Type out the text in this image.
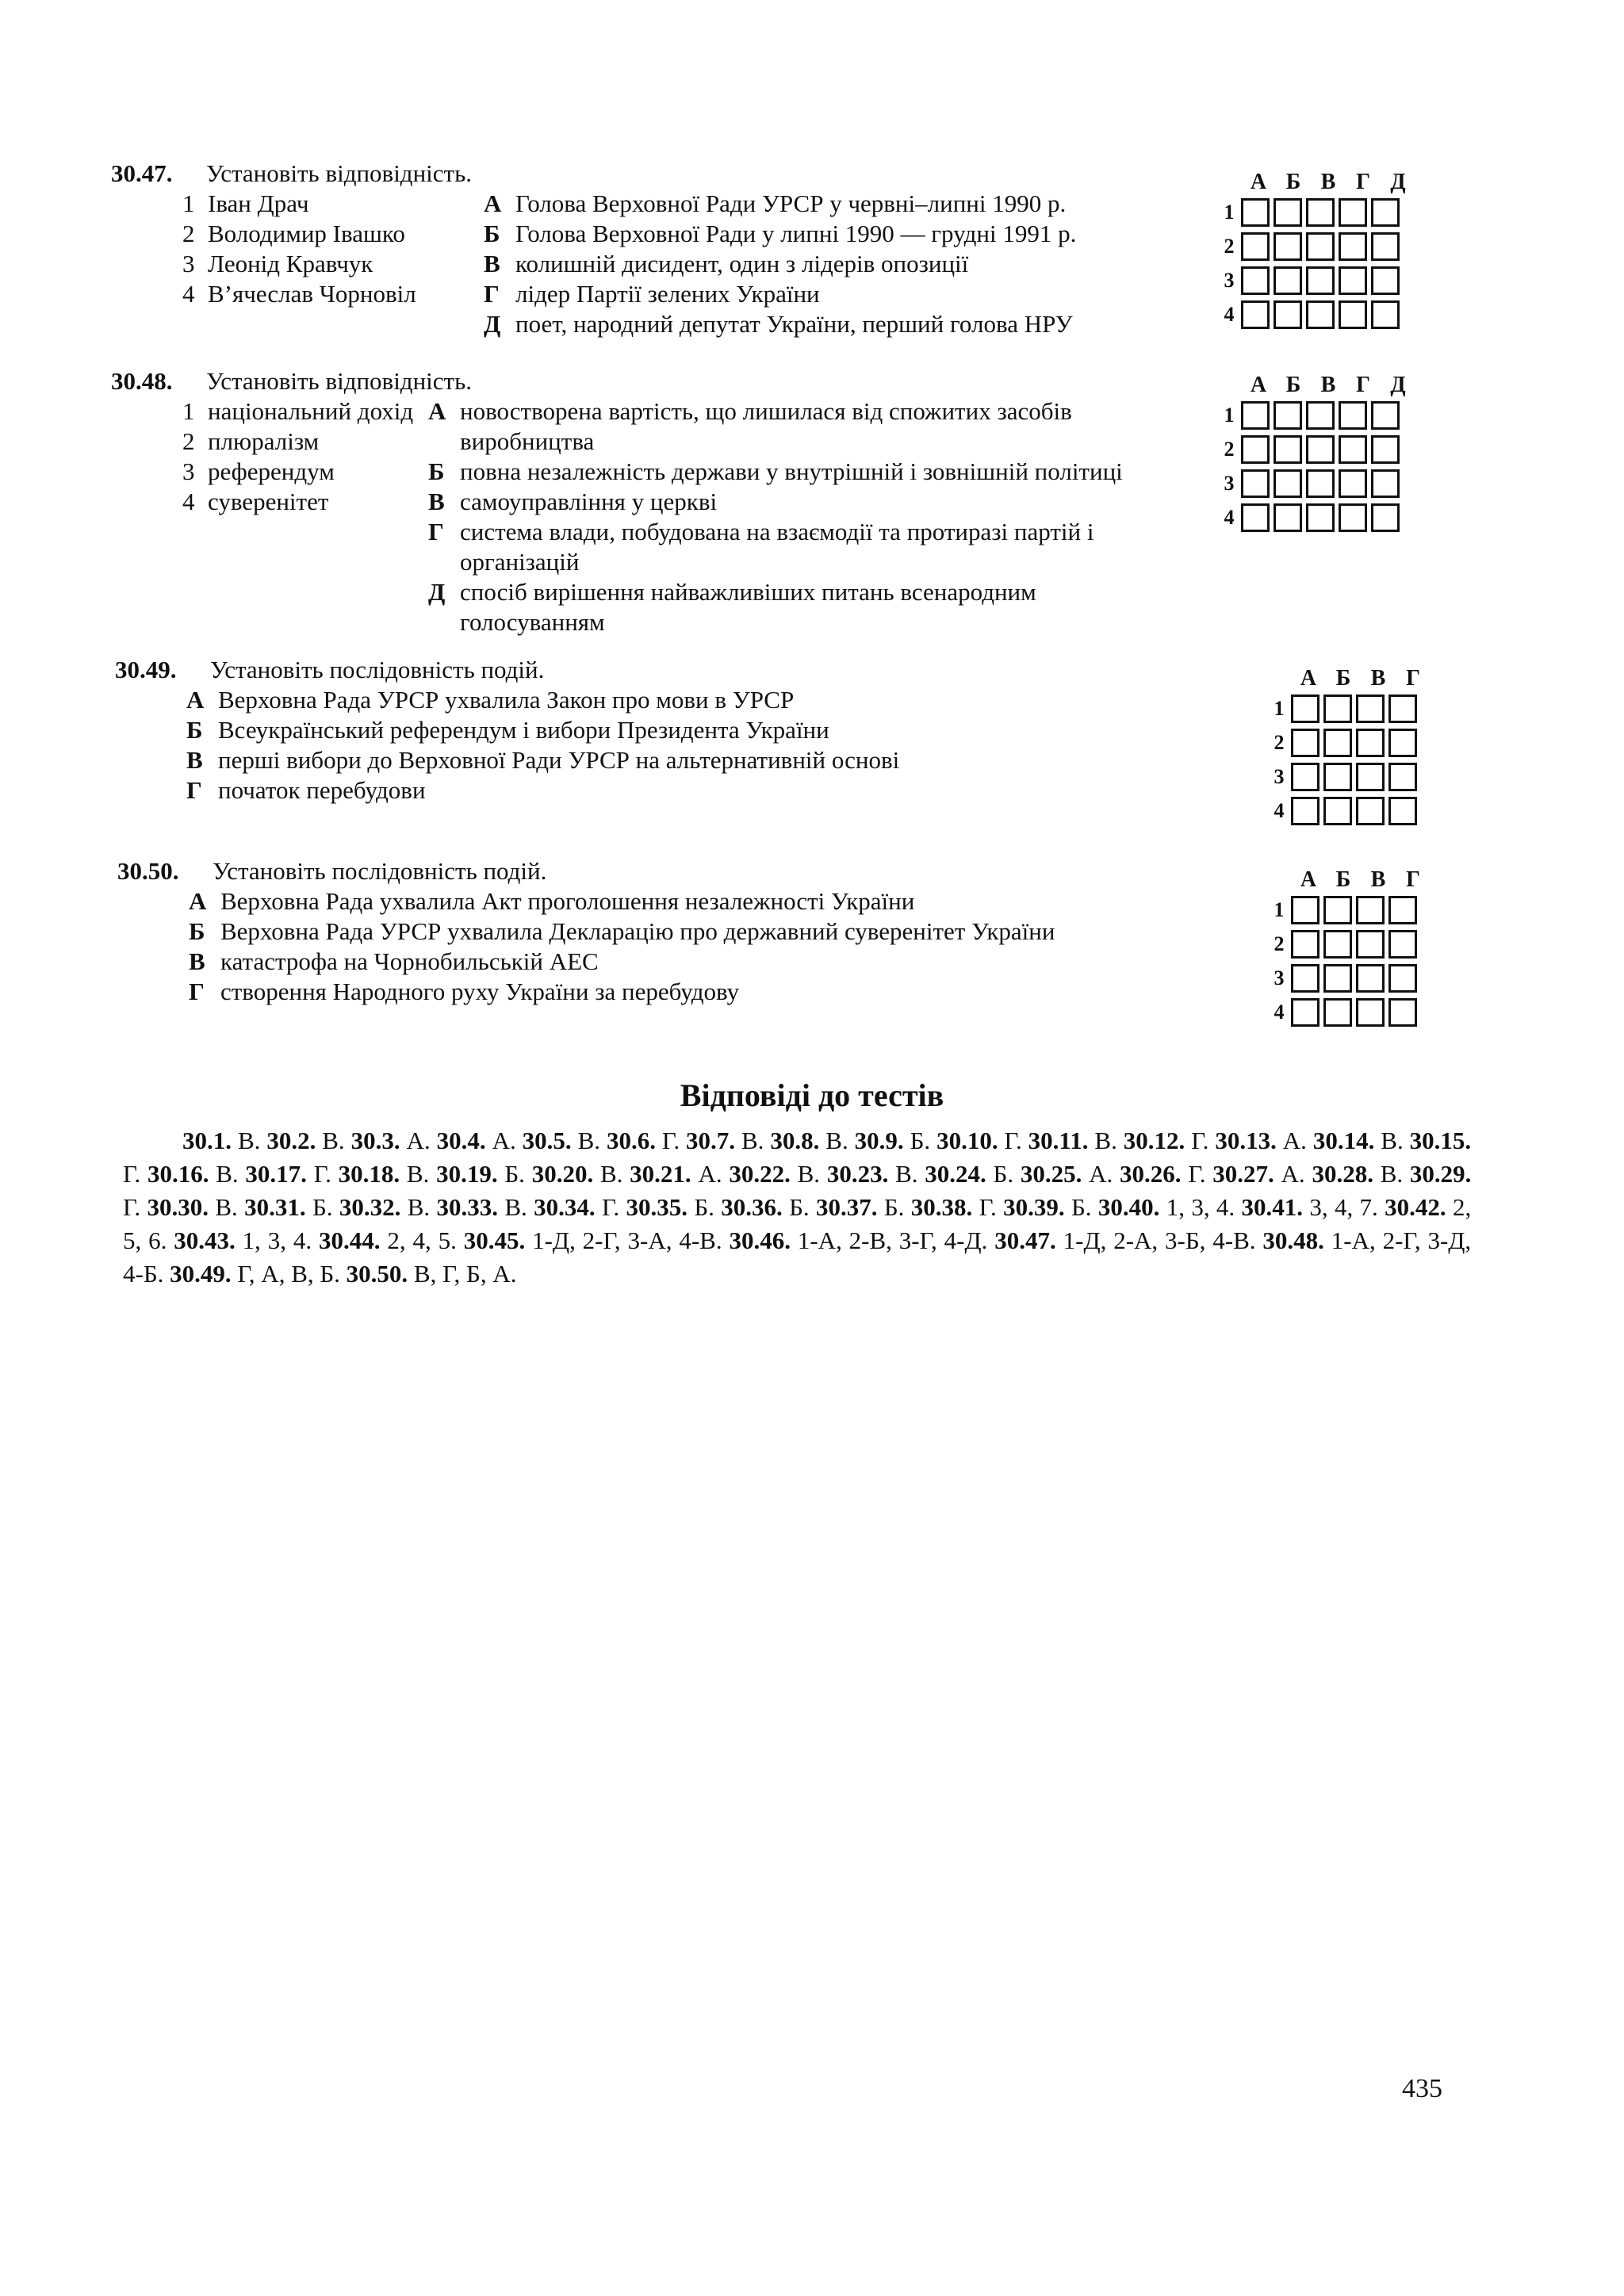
30.47. Установіть відповідність.
1 Іван Драч
2 Володимир Івашко
3 Леонід Кравчук
4 В’ячеслав Чорновіл
А Голова Верховної Ради УРСР у червні–липні 1990 р.
Б Голова Верховної Ради у липні 1990 — грудні 1991 р.
В колишній дисидент, один з лідерів опозиції
Г лідер Партії зелених України
Д поет, народний депутат України, перший голова НРУ
А Б В Г Д
1
2
3
4
30.48. Установіть відповідність.
1 національний дохід
2 плюралізм
3 референдум
4 суверенітет
А новостворена вартість, що лишилася від спожитих засобів виробництва
Б повна незалежність держави у внутрішній і зовнішній політиці
В самоуправління у церкві
Г система влади, побудована на взаємодії та протиразі партій і організацій
Д спосіб вирішення найважливіших питань всенародним голосуванням
А Б В Г Д
1
2
3
4
30.49. Установіть послідовність подій.
А Верховна Рада УРСР ухвалила Закон про мови в УРСР
Б Всеукраїнський референдум і вибори Президента України
В перші вибори до Верховної Ради УРСР на альтернативній основі
Г початок перебудови
А Б В Г
1
2
3
4
30.50. Установіть послідовність подій.
А Верховна Рада ухвалила Акт проголошення незалежності України
Б Верховна Рада УРСР ухвалила Декларацію про державний суверенітет України
В катастрофа на Чорнобильській АЕС
Г створення Народного руху України за перебудову
А Б В Г
1
2
3
4
Відповіді до тестів
30.1. В. 30.2. В. 30.3. А. 30.4. А. 30.5. В. 30.6. Г. 30.7. В. 30.8. В. 30.9. Б. 30.10. Г. 30.11. В. 30.12. Г. 30.13. А. 30.14. В. 30.15. Г. 30.16. В. 30.17. Г. 30.18. В. 30.19. Б. 30.20. В. 30.21. А. 30.22. В. 30.23. В. 30.24. Б. 30.25. А. 30.26. Г. 30.27. А. 30.28. В. 30.29. Г. 30.30. В. 30.31. Б. 30.32. В. 30.33. В. 30.34. Г. 30.35. Б. 30.36. Б. 30.37. Б. 30.38. Г. 30.39. Б. 30.40. 1, 3, 4. 30.41. 3, 4, 7. 30.42. 2, 5, 6. 30.43. 1, 3, 4. 30.44. 2, 4, 5. 30.45. 1-Д, 2-Г, 3-А, 4-В. 30.46. 1-А, 2-В, 3-Г, 4-Д. 30.47. 1-Д, 2-А, 3-Б, 4-В. 30.48. 1-А, 2-Г, 3-Д, 4-Б. 30.49. Г, А, В, Б. 30.50. В, Г, Б, А.
435
